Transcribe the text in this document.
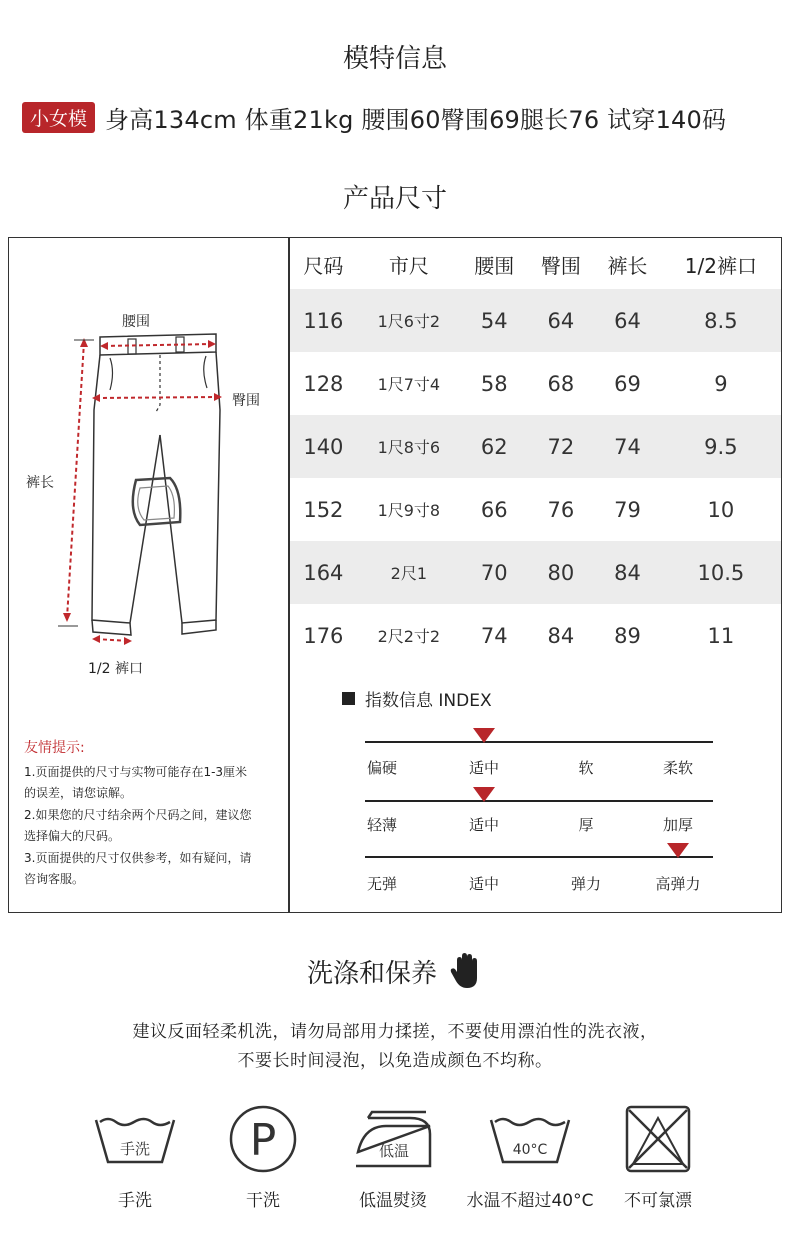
模特信息
小女模 身高134cm 体重21kg 腰围60臀围69腿长76 试穿140码
产品尺寸
腰围
臀围
裤长
1/2 裤口
友情提示:
1.页面提供的尺寸与实物可能存在1-3厘米
的误差，请您谅解。
2.如果您的尺寸结余两个尺码之间，建议您
选择偏大的尺码。
3.页面提供的尺寸仅供参考，如有疑问，请
咨询客服。
尺码	市尺	腰围	臀围	裤长	1/2裤口
116	1尺6寸2	54	64	64	8.5
128	1尺7寸4	58	68	69	9
140	1尺8寸6	62	72	74	9.5
152	1尺9寸8	66	76	79	10
164	2尺1	70	80	84	10.5
176	2尺2寸2	74	84	89	11
指数信息 INDEX
偏硬	适中	软	柔软
轻薄	适中	厚	加厚
无弹	适中	弹力	高弹力
洗涤和保养
建议反面轻柔机洗，请勿局部用力揉搓，不要使用漂泊性的洗衣液，
不要长时间浸泡，以免造成颜色不均称。
手洗 P	低温	40°C
手洗	干洗	低温熨烫	水温不超过40°C	不可氯漂
